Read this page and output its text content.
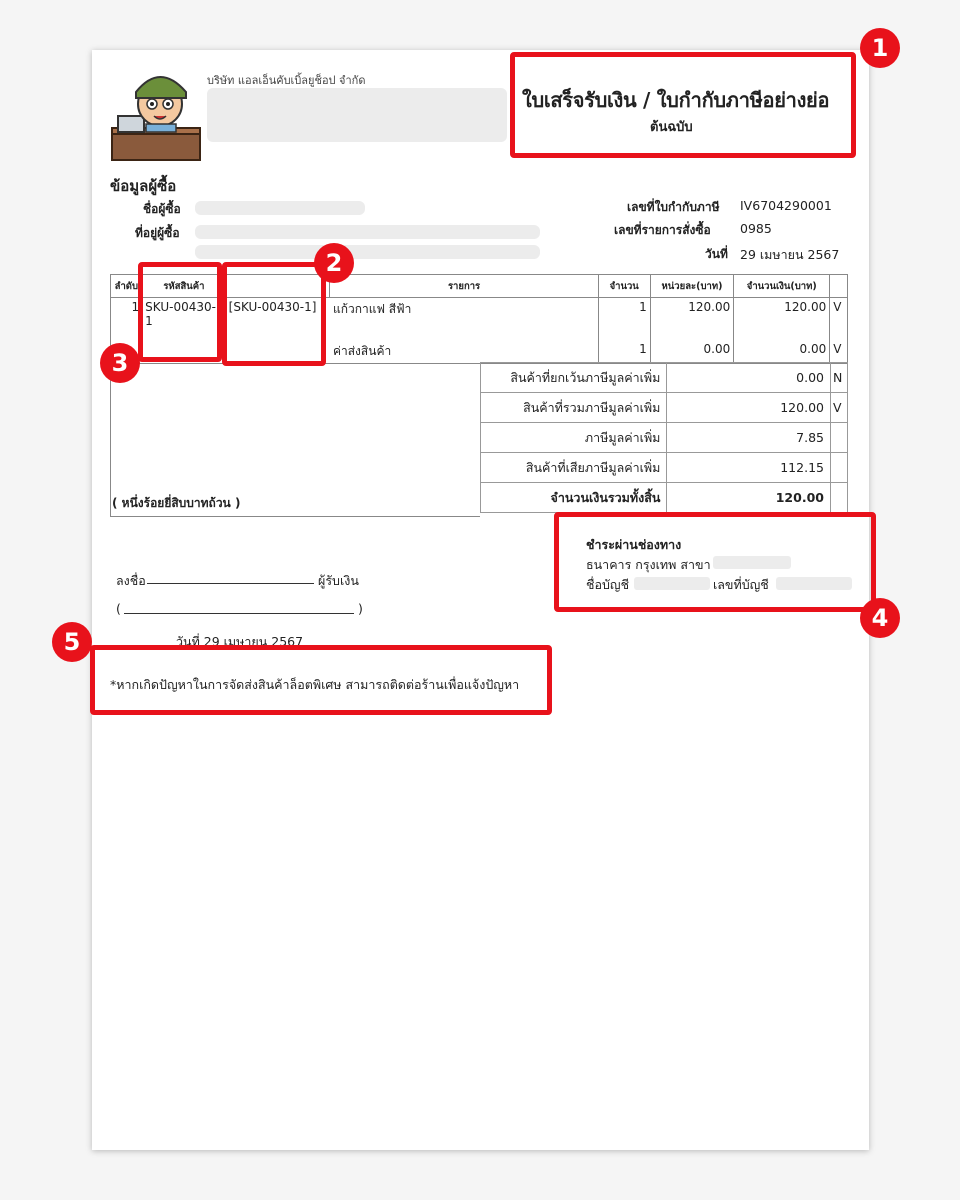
บริษัท แอลเอ็นคับเบิ้ลยูช็อป จำกัด
ใบเสร็จรับเงิน / ใบกำกับภาษีอย่างย่อ
ต้นฉบับ
ข้อมูลผู้ซื้อ
ชื่อผู้ซื้อ
ที่อยู่ผู้ซื้อ
เลขที่ใบกำกับภาษี IV6704290001
เลขที่รายการสั่งซื้อ 0985
วันที่ 29 เมษายน 2567
ลำดับ	รหัสสินค้า		รายการ	จำนวน	หน่วยละ(บาท)	จำนวนเงิน(บาท)	
1	SKU-00430-1	[SKU-00430-1]	แก้วกาแฟ สีฟ้า	1	120.00	120.00	V
			ค่าส่งสินค้า	1	0.00	0.00	V
สินค้าที่ยกเว้นภาษีมูลค่าเพิ่ม	0.00	N
สินค้าที่รวมภาษีมูลค่าเพิ่ม	120.00	V
ภาษีมูลค่าเพิ่ม	7.85	
สินค้าที่เสียภาษีมูลค่าเพิ่ม	112.15	
จำนวนเงินรวมทั้งสิ้น	120.00	
( หนึ่งร้อยยี่สิบบาทถ้วน )
ชำระผ่านช่องทาง
ธนาคาร กรุงเทพ สาขา
ชื่อบัญชี	เลขที่บัญชี
ลงชื่อ	ผู้รับเงิน
(	)
วันที่ 29 เมษายน 2567
*หากเกิดปัญหาในการจัดส่งสินค้าล็อตพิเศษ สามารถติดต่อร้านเพื่อแจ้งปัญหา
1
2
3
4
5
